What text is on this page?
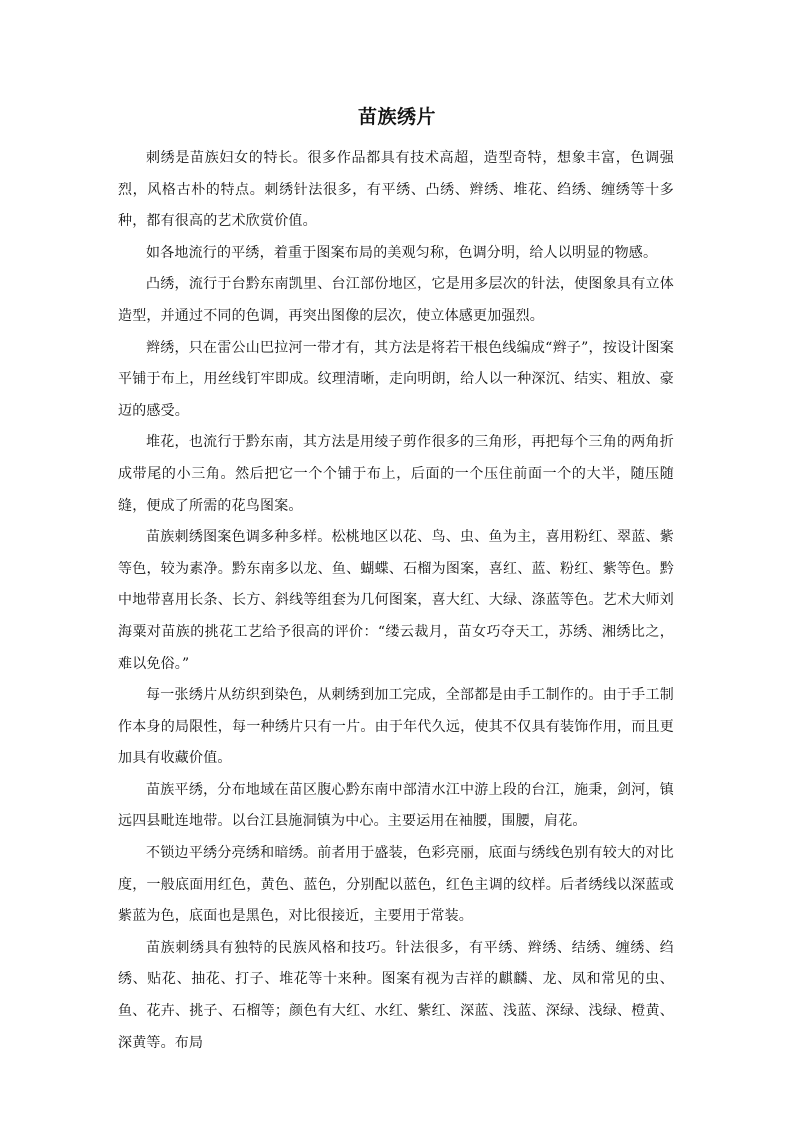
苗族绣片

刺绣是苗族妇女的特长。很多作品都具有技术高超，造型奇特，想象丰富，色调强烈，风格古朴的特点。刺绣针法很多，有平绣、凸绣、辫绣、堆花、绉绣、缠绣等十多种，都有很高的艺术欣赏价值。

如各地流行的平绣，着重于图案布局的美观匀称，色调分明，给人以明显的物感。

凸绣，流行于台黔东南凯里、台江部份地区，它是用多层次的针法，使图象具有立体造型，并通过不同的色调，再突出图像的层次，使立体感更加强烈。

辫绣，只在雷公山巴拉河一带才有，其方法是将若干根色线编成“辫子”，按设计图案平铺于布上，用丝线钉牢即成。纹理清晰，走向明朗，给人以一种深沉、结实、粗放、豪迈的感受。

堆花，也流行于黔东南，其方法是用绫子剪作很多的三角形，再把每个三角的两角折成带尾的小三角。然后把它一个个铺于布上，后面的一个压住前面一个的大半，随压随缝，便成了所需的花鸟图案。

苗族刺绣图案色调多种多样。松桃地区以花、鸟、虫、鱼为主，喜用粉红、翠蓝、紫等色，较为素净。黔东南多以龙、鱼、蝴蝶、石榴为图案，喜红、蓝、粉红、紫等色。黔中地带喜用长条、长方、斜线等组套为几何图案，喜大红、大绿、涤蓝等色。艺术大师刘海粟对苗族的挑花工艺给予很高的评价：“缕云裁月，苗女巧夺天工，苏绣、湘绣比之，难以免俗。”

每一张绣片从纺织到染色，从刺绣到加工完成，全部都是由手工制作的。由于手工制作本身的局限性，每一种绣片只有一片。由于年代久远，使其不仅具有装饰作用，而且更加具有收藏价值。

苗族平绣，分布地域在苗区腹心黔东南中部清水江中游上段的台江，施秉，剑河，镇远四县毗连地带。以台江县施洞镇为中心。主要运用在袖腰，围腰，肩花。

不锁边平绣分亮绣和暗绣。前者用于盛装，色彩亮丽，底面与绣线色别有较大的对比度，一般底面用红色，黄色、蓝色，分别配以蓝色，红色主调的纹样。后者绣线以深蓝或紫蓝为色，底面也是黑色，对比很接近，主要用于常装。

苗族刺绣具有独特的民族风格和技巧。针法很多，有平绣、辫绣、结绣、缠绣、绉绣、贴花、抽花、打子、堆花等十来种。图案有视为吉祥的麒麟、龙、凤和常见的虫、鱼、花卉、挑子、石榴等；颜色有大红、水红、紫红、深蓝、浅蓝、深绿、浅绿、橙黄、深黄等。布局
